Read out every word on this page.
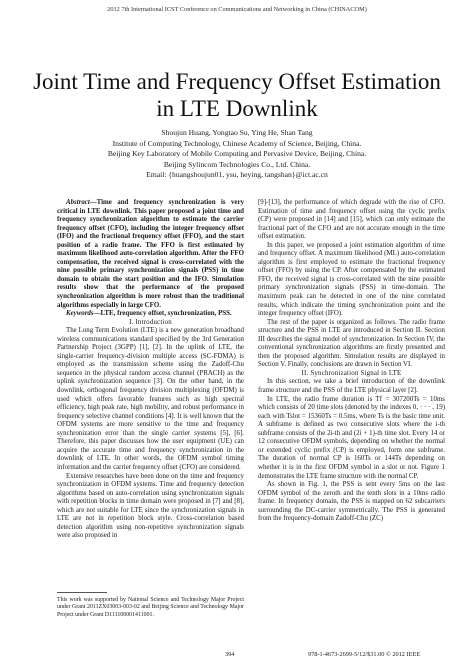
2012 7th International ICST Conference on Communications and Networking in China (CHINACOM)
Joint Time and Frequency Offset Estimation
in LTE Downlink
Shoujun Huang, Yongtao Su, Ying He, Shan Tang
Institute of Computing Technology, Chinese Academy of Science, Beijing, China.
Beijing Key Laboratory of Mobile Computing and Pervasive Device, Beijing, China.
Beijing Sylincom Technologies Co., Ltd. China.
Email: {huangshoujun01, ysu, heying, tangshan}@ict.ac.cn

Abstract—Time and frequency synchronization is very critical in LTE downlink. This paper proposed a joint time and frequency synchronization algorithm to estimate the carrier frequency offset (CFO), including the integer frequency offset (IFO) and the fractional frequency offset (FFO), and the start position of a radio frame. The FFO is first estimated by maximum likelihood auto-correlation algorithm. After the FFO compensation, the received signal is cross-correlated with the nine possible primary synchronization signals (PSS) in time domain to obtain the start position and the IFO. Simulation results show that the performance of the proposed synchronization algorithm is more robust than the traditional algorithms especially in large CFO.

Keywords—LTE, frequency offset, synchronization, PSS.

I. Introduction

The Long Term Evolution (LTE) is a new generation broadband wireless communications standard specified by the 3rd Generation Partnership Project (3GPP) [1], [2]. In the uplink of LTE, the single-carrier frequency-division multiple access (SC-FDMA) is employed as the transmission scheme using the Zadoff-Chu sequence in the physical random access channel (PRACH) as the uplink synchronization sequence [3]. On the other hand, in the downlink, orthogonal frequency division multiplexing (OFDM) is used which offers favorable features such as high spectral efficiency, high peak rate, high mobility, and robust performance in frequency selective channel conditions [4]. It is well known that the OFDM systems are more sensitive to the time and frequency synchronization error than the single carrier systems [5], [6]. Therefore, this paper discusses how the user equipment (UE) can acquire the accurate time and frequency synchronization in the downlink of LTE. In other words, the OFDM symbol timing information and the carrier frequency offset (CFO) are considered.

Extensive researches have been done on the time and frequency synchronization in OFDM systems. Time and frequency detection algorithms based on auto-correlation using synchronization signals with repetition blocks in time domain were proposed in [7] and [8], which are not suitable for LTE since the synchronization signals in LTE are not in repetition block style. Cross-correlation based detection algorithm using non-repetitive synchronization signals were also proposed in

This work was supported by National Science and Technology Major Project under Grant 2011ZX03003-003-02 and Beijing Science and Technology Major Project under Grant D111100001411001.

[9]-[13], the performance of which degrade with the rise of CFO. Estimation of time and frequency offset using the cyclic prefix (CP) were proposed in [14] and [15], which can only estimate the fractional part of the CFO and are not accurate enough in the time offset estimation.

In this paper, we proposed a joint estimation algorithm of time and frequency offset. A maximum likelihood (ML) auto-correlation algorithm is first employed to estimate the fractional frequency offset (FFO) by using the CP. After compensated by the estimated FFO, the received signal is cross-correlated with the nine possible primary synchronization signals (PSS) in time-domain. The maximum peak can be detected in one of the nine correlated results, which indicate the timing synchronization point and the integer frequency offset (IFO).

The rest of the paper is organized as follows. The radio frame structure and the PSS in LTE are introduced in Section II. Section III describes the signal model of synchronization. In Section IV, the conventional synchronization algorithms are firstly presented and then the proposed algorithm. Simulation results are displayed in Section V. Finally, conclusions are drawn in Section VI.

II. Synchronization Signal in LTE

In this section, we take a brief introduction of the downlink frame structure and the PSS of the LTE physical layer [2].

In LTE, the radio frame duration is Tf = 307200Ts = 10ms which consists of 20 time slots (denoted by the indexes 0, · · · , 19) each with Tslot = 15360Ts = 0.5ms, where Ts is the basic time unit. A subframe is defined as two consecutive slots where the i-th subframe consists of the 2i-th and (2i + 1)-th time slot. Every 14 or 12 consecutive OFDM symbols, depending on whether the normal or extended cyclic prefix (CP) is employed, form one subframe. The duration of normal CP is 160Ts or 144Ts depending on whether it is in the first OFDM symbol in a slot or not. Figure 1 demonstrates the LTE frame structure with the normal CP.

As shown in Fig. 1, the PSS is sent every 5ms on the last OFDM symbol of the zeroth and the tenth slots in a 10ms radio frame. In frequency domain, the PSS is mapped on 62 subcarriers surrounding the DC-carrier symmetrically. The PSS is generated from the frequency-domain Zadoff-Chu (ZC)

394	978-1-4673-2699-5/12/$31.00 © 2012 IEEE
